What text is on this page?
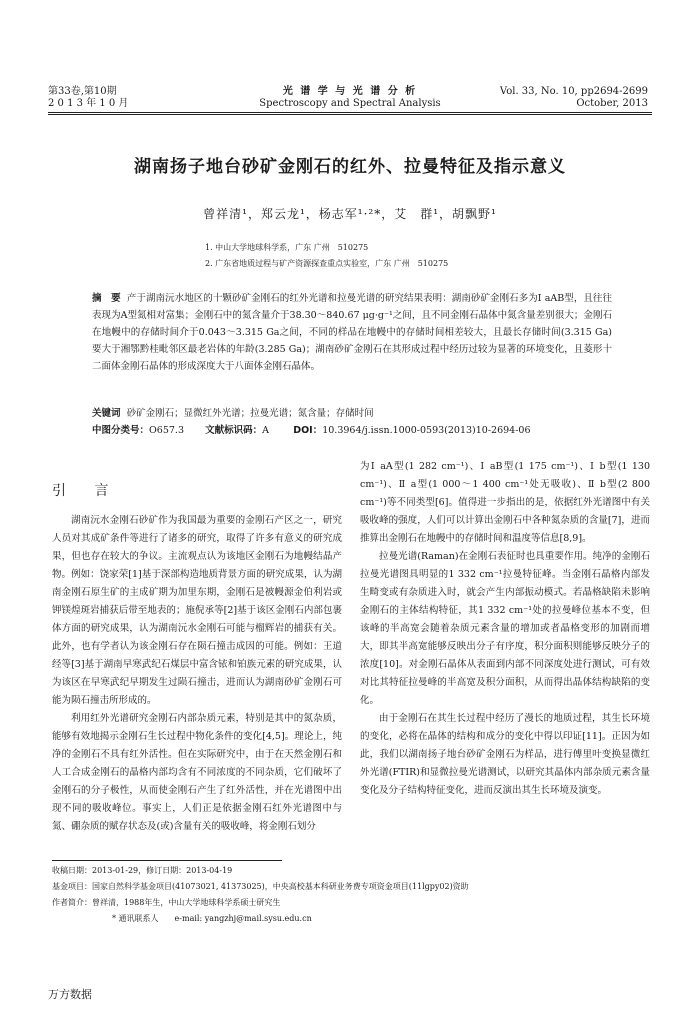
第33卷,第10期
2 0 1 3 年 1 0 月
光 谱 学 与 光 谱 分 析
Spectroscopy and Spectral Analysis
Vol. 33, No. 10, pp2694-2699
October, 2013
湖南扬子地台砂矿金刚石的红外、拉曼特征及指示意义
曾祥清¹，郑云龙¹，杨志军¹·²*，艾　群¹，胡飘野¹
1. 中山大学地球科学系，广东 广州　510275
2. 广东省地质过程与矿产资源探查重点实验室，广东 广州　510275
摘　要 产于湖南沅水地区的十颗砂矿金刚石的红外光谱和拉曼光谱的研究结果表明：湖南砂矿金刚石多为Ⅰ aAB型，且往往表现为A型氮相对富集；金刚石中的氮含量介于38.30～840.67 μg·g⁻¹之间，且不同金刚石晶体中氮含量差别很大；金刚石在地幔中的存储时间介于0.043～3.315 Ga之间，不同的样品在地幔中的存储时间相差较大，且最长存储时间(3.315 Ga)要大于湘鄂黔桂毗邻区最老岩体的年龄(3.285 Ga)；湖南砂矿金刚石在其形成过程中经历过较为显著的环境变化，且菱形十二面体金刚石晶体的形成深度大于八面体金刚石晶体。
关键词 砂矿金刚石；显微红外光谱；拉曼光谱；氮含量；存储时间
中图分类号：O657.3 文献标识码：A	DOI：10.3964/j.issn.1000-0593(2013)10-2694-06
引 言

湖南沅水金刚石砂矿作为我国最为重要的金刚石产区之一，研究人员对其成矿条件等进行了诸多的研究，取得了许多有意义的研究成果，但也存在较大的争议。主流观点认为该地区金刚石为地幔结晶产物。例如：饶家荣[1]基于深部构造地质背景方面的研究成果，认为湖南金刚石原生矿的主成矿期为加里东期，金刚石是被幔源金伯利岩或钾镁煌斑岩捕获后带至地表的；施倪承等[2]基于该区金刚石内部包裹体方面的研究成果，认为湖南沅水金刚石可能与榴辉岩的捕获有关。此外，也有学者认为该金刚石存在陨石撞击成因的可能。例如：王道经等[3]基于湖南早寒武纪石煤层中富含铱和铂族元素的研究成果，认为该区在早寒武纪早期发生过陨石撞击，进而认为湖南砂矿金刚石可能为陨石撞击所形成的。

利用红外光谱研究金刚石内部杂质元素，特别是其中的氮杂质，能够有效地揭示金刚石生长过程中物化条件的变化[4,5]。理论上，纯净的金刚石不具有红外活性。但在实际研究中，由于在天然金刚石和人工合成金刚石的晶格内部均含有不同浓度的不同杂质，它们破坏了金刚石的分子极性，从而使金刚石产生了红外活性，并在光谱图中出现不同的吸收峰位。事实上，人们正是依据金刚石红外光谱图中与氮、硼杂质的赋存状态及(或)含量有关的吸收峰，将金刚石划分

为Ⅰ aA型(1 282 cm⁻¹)、Ⅰ aB型(1 175 cm⁻¹)、Ⅰ b型(1 130 cm⁻¹)、Ⅱ a型(1 000～1 400 cm⁻¹处无吸收)、Ⅱ b型(2 800 cm⁻¹)等不同类型[6]。值得进一步指出的是，依据红外光谱图中有关吸收峰的强度，人们可以计算出金刚石中各种氮杂质的含量[7]，进而推算出金刚石在地幔中的存储时间和温度等信息[8,9]。

拉曼光谱(Raman)在金刚石表征时也具重要作用。纯净的金刚石拉曼光谱图具明显的1 332 cm⁻¹拉曼特征峰。当金刚石晶格内部发生畸变或有杂质进入时，就会产生内部振动模式。若晶格缺陷未影响金刚石的主体结构特征，其1 332 cm⁻¹处的拉曼峰位基本不变，但该峰的半高宽会随着杂质元素含量的增加或者晶格变形的加剧而增大，即其半高宽能够反映出分子有序度，积分面积则能够反映分子的浓度[10]。对金刚石晶体从表面到内部不同深度处进行测试，可有效对比其特征拉曼峰的半高宽及积分面积，从而得出晶体结构缺陷的变化。

由于金刚石在其生长过程中经历了漫长的地质过程，其生长环境的变化，必将在晶体的结构和成分的变化中得以印证[11]。正因为如此，我们以湖南扬子地台砂矿金刚石为样品，进行傅里叶变换显微红外光谱(FTIR)和显微拉曼光谱测试，以研究其晶体内部杂质元素含量变化及分子结构特征变化，进而反演出其生长环境及演变。

收稿日期：2013-01-29，修订日期：2013-04-19
基金项目：国家自然科学基金项目(41073021, 41373025)，中央高校基本科研业务费专项资金项目(11lgpy02)资助
作者简介：曾祥清，1988年生，中山大学地球科学系硕士研究生
* 通讯联系人　　e-mail: yangzhj@mail.sysu.edu.cn
万方数据
